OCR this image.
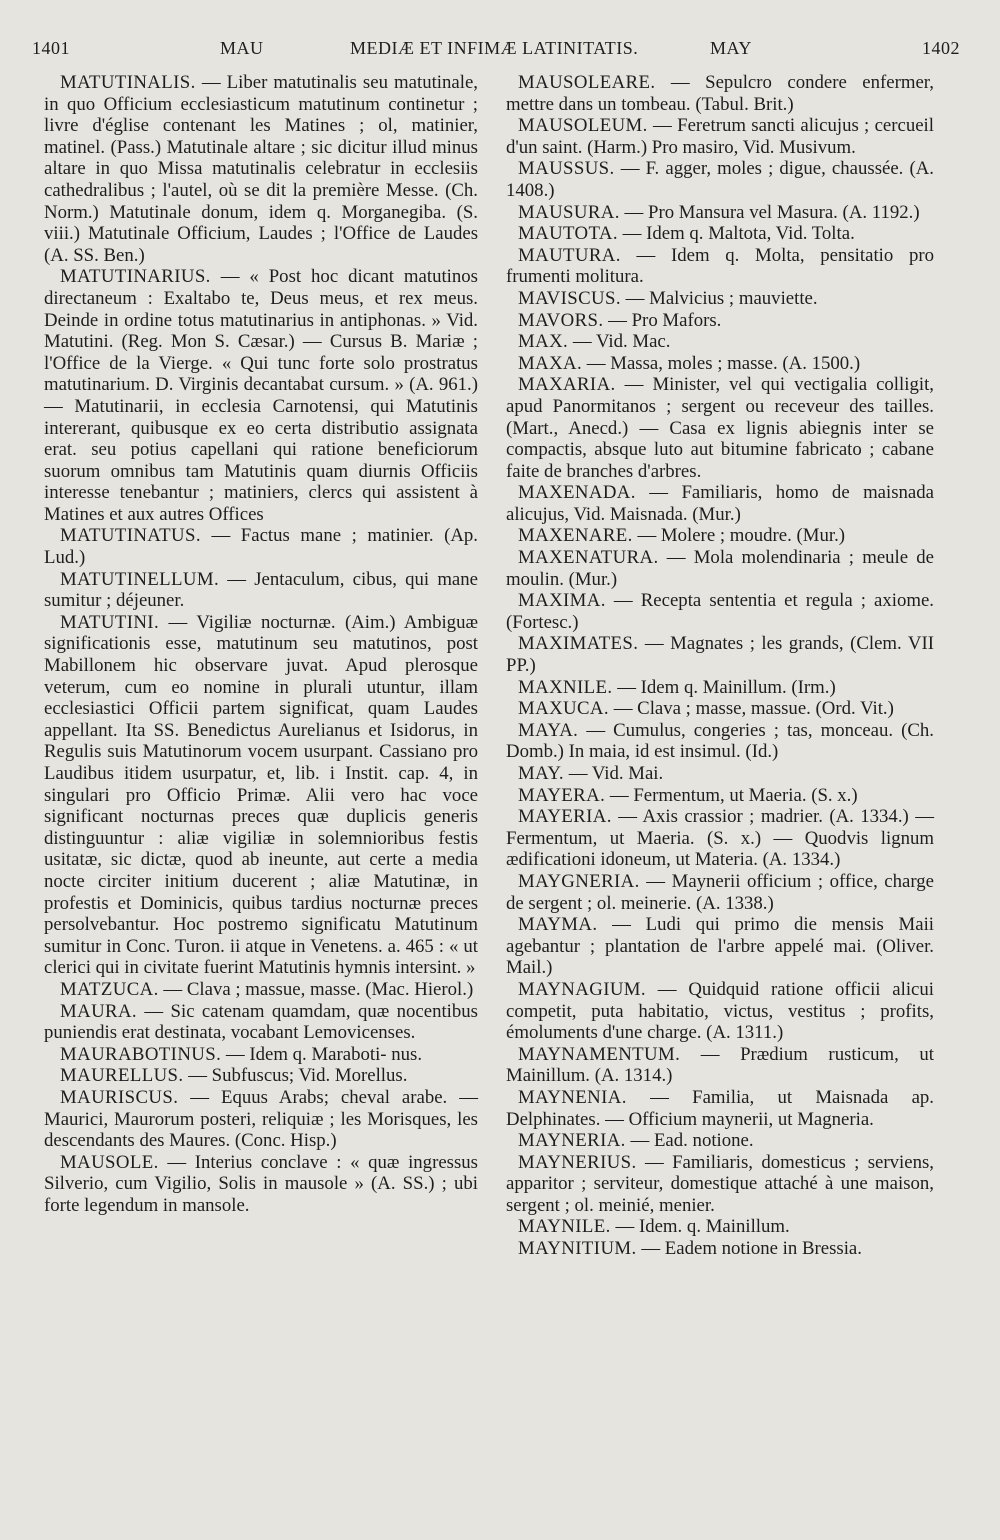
1401	MAU	MEDIÆ ET INFIMÆ LATINITATIS.	MAY	1402

MATUTINALIS. — Liber matutinalis seu matutinale, in quo Officium ecclesiasticum matutinum continetur ; livre d'église contenant les Matines ; ol, matinier, matinel. (Pass.) Matutinale altare ; sic dicitur illud minus altare in quo Missa matutinalis celebratur in ecclesiis cathedralibus ; l'autel, où se dit la première Messe. (Ch. Norm.) Matutinale donum, idem q. Morganegiba. (S. viii.) Matutinale Officium, Laudes ; l'Office de Laudes (A. SS. Ben.)

MATUTINARIUS. — « Post hoc dicant matutinos directaneum : Exaltabo te, Deus meus, et rex meus. Deinde in ordine totus matutinarius in antiphonas. » Vid. Matutini. (Reg. Mon S. Cæsar.) — Cursus B. Mariæ ; l'Office de la Vierge. « Qui tunc forte solo prostratus matutinarium. D. Virginis decantabat cursum. » (A. 961.) — Matutinarii, in ecclesia Carnotensi, qui Matutinis intererant, quibusque ex eo certa distributio assignata erat. seu potius capellani qui ratione beneficiorum suorum omnibus tam Matutinis quam diurnis Officiis interesse tenebantur ; matiniers, clercs qui assistent à Matines et aux autres Offices

MATUTINATUS. — Factus mane ; matinier. (Ap. Lud.)

MATUTINELLUM. — Jentaculum, cibus, qui mane sumitur ; déjeuner.

MATUTINI. — Vigiliæ nocturnæ. (Aim.) Ambiguæ significationis esse, matutinum seu matutinos, post Mabillonem hic observare juvat. Apud plerosque veterum, cum eo nomine in plurali utuntur, illam ecclesiastici Officii partem significat, quam Laudes appellant. Ita SS. Benedictus Aurelianus et Isidorus, in Regulis suis Matutinorum vocem usurpant. Cassiano pro Laudibus itidem usurpatur, et, lib. i Instit. cap. 4, in singulari pro Officio Primæ. Alii vero hac voce significant nocturnas preces quæ duplicis generis distinguuntur : aliæ vigiliæ in solemnioribus festis usitatæ, sic dictæ, quod ab ineunte, aut certe a media nocte circiter initium ducerent ; aliæ Matutinæ, in profestis et Dominicis, quibus tardius nocturnæ preces persolvebantur. Hoc postremo significatu Matutinum sumitur in Conc. Turon. ii atque in Venetens. a. 465 : « ut clerici qui in civitate fuerint Matutinis hymnis intersint. »

MATZUCA. — Clava ; massue, masse. (Mac. Hierol.)

MAURA. — Sic catenam quamdam, quæ nocentibus puniendis erat destinata, vocabant Lemovicenses.

MAURABOTINUS. — Idem q. Maraboti- nus.

MAURELLUS. — Subfuscus; Vid. Morellus.

MAURISCUS. — Equus Arabs; cheval arabe. — Maurici, Maurorum posteri, reliquiæ ; les Morisques, les descendants des Maures. (Conc. Hisp.)

MAUSOLE. — Interius conclave : « quæ ingressus Silverio, cum Vigilio, Solis in mausole » (A. SS.) ; ubi forte legendum in mansole.

MAUSOLEARE. — Sepulcro condere enfermer, mettre dans un tombeau. (Tabul. Brit.)

MAUSOLEUM. — Feretrum sancti alicujus ; cercueil d'un saint. (Harm.) Pro masiro, Vid. Musivum.

MAUSSUS. — F. agger, moles ; digue, chaussée. (A. 1408.)

MAUSURA. — Pro Mansura vel Masura. (A. 1192.)

MAUTOTA. — Idem q. Maltota, Vid. Tolta.

MAUTURA. — Idem q. Molta, pensitatio pro frumenti molitura.

MAVISCUS. — Malvicius ; mauviette.

MAVORS. — Pro Mafors.

MAX. — Vid. Mac.

MAXA. — Massa, moles ; masse. (A. 1500.)

MAXARIA. — Minister, vel qui vectigalia colligit, apud Panormitanos ; sergent ou receveur des tailles. (Mart., Anecd.) — Casa ex lignis abiegnis inter se compactis, absque luto aut bitumine fabricato ; cabane faite de branches d'arbres.

MAXENADA. — Familiaris, homo de maisnada alicujus, Vid. Maisnada. (Mur.)

MAXENARE. — Molere ; moudre. (Mur.)

MAXENATURA. — Mola molendinaria ; meule de moulin. (Mur.)

MAXIMA. — Recepta sententia et regula ; axiome. (Fortesc.)

MAXIMATES. — Magnates ; les grands, (Clem. VII PP.)

MAXNILE. — Idem q. Mainillum. (Irm.)

MAXUCA. — Clava ; masse, massue. (Ord. Vit.)

MAYA. — Cumulus, congeries ; tas, monceau. (Ch. Domb.) In maia, id est insimul. (Id.)

MAY. — Vid. Mai.

MAYERA. — Fermentum, ut Maeria. (S. x.)

MAYERIA. — Axis crassior ; madrier. (A. 1334.) — Fermentum, ut Maeria. (S. x.) — Quodvis lignum ædificationi idoneum, ut Materia. (A. 1334.)

MAYGNERIA. — Maynerii officium ; office, charge de sergent ; ol. meinerie. (A. 1338.)

MAYMA. — Ludi qui primo die mensis Maii agebantur ; plantation de l'arbre appelé mai. (Oliver. Mail.)

MAYNAGIUM. — Quidquid ratione officii alicui competit, puta habitatio, victus, vestitus ; profits, émoluments d'une charge. (A. 1311.)

MAYNAMENTUM. — Prædium rusticum, ut Mainillum. (A. 1314.)

MAYNENIA. — Familia, ut Maisnada ap. Delphinates. — Officium maynerii, ut Magneria.

MAYNERIA. — Ead. notione.

MAYNERIUS. — Familiaris, domesticus ; serviens, apparitor ; serviteur, domestique attaché à une maison, sergent ; ol. meinié, menier.

MAYNILE. — Idem. q. Mainillum.

MAYNITIUM. — Eadem notione in Bressia.
